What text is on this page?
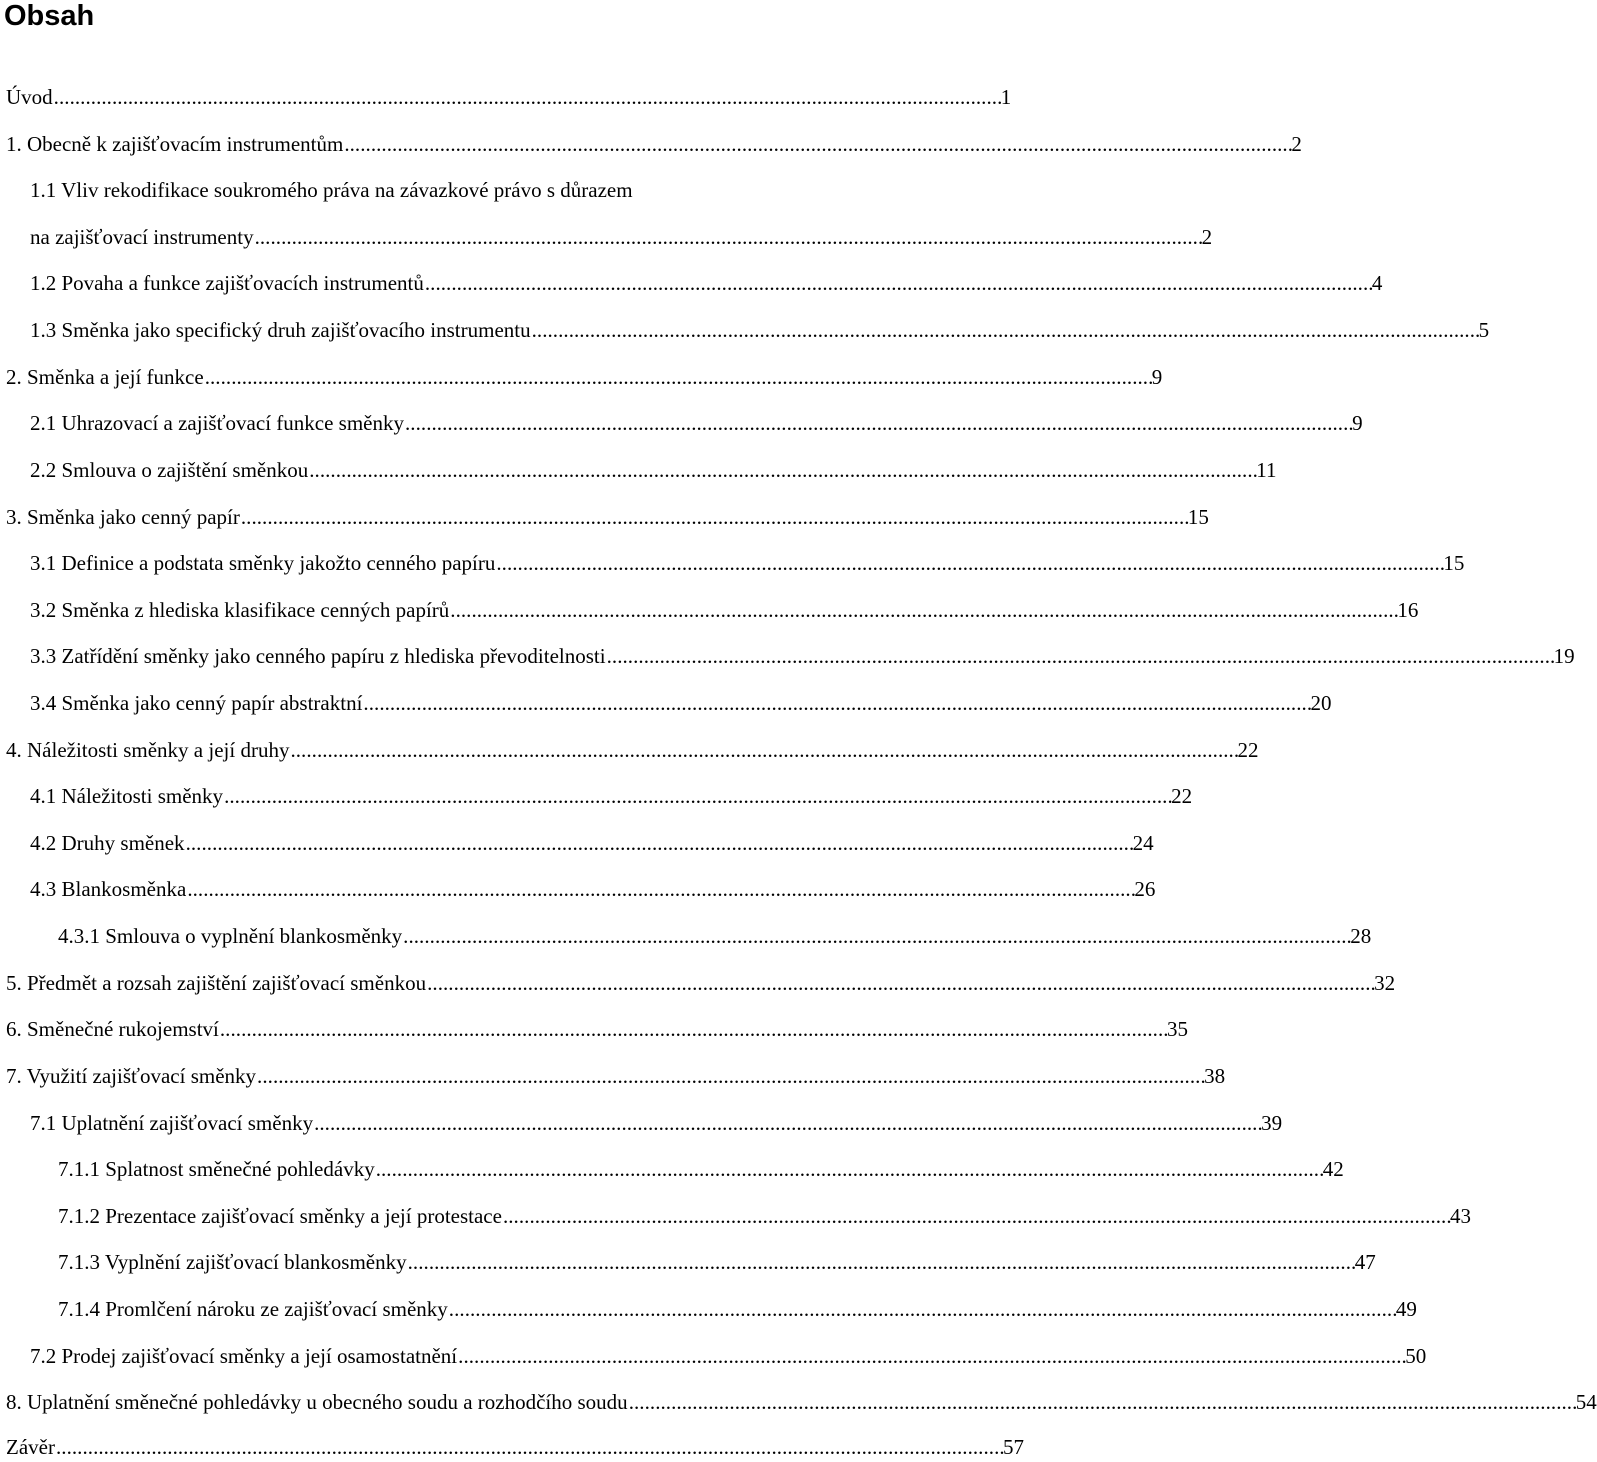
Obsah
Úvod . . .	1
1. Obecně k zajišťovacím instrumentům . . .	2
1.1 Vliv rekodifikace soukromého práva na závazkové právo s důrazem
na zajišťovací instrumenty . . .	2
1.2 Povaha a funkce zajišťovacích instrumentů . . .	4
1.3 Směnka jako specifický druh zajišťovacího instrumentu . . .	5
2. Směnka a její funkce . . .	9
2.1 Uhrazovací a zajišťovací funkce směnky . . .	9
2.2 Smlouva o zajištění směnkou . . .	11
3. Směnka jako cenný papír . . .	15
3.1 Definice a podstata směnky jakožto cenného papíru . . .	15
3.2 Směnka z hlediska klasifikace cenných papírů . . .	16
3.3 Zatřídění směnky jako cenného papíru z hlediska převoditelnosti . . .	19
3.4 Směnka jako cenný papír abstraktní . . .	20
4. Náležitosti směnky a její druhy . . .	22
4.1 Náležitosti směnky . . .	22
4.2 Druhy směnek . . .	24
4.3 Blankosměnka . . .	26
4.3.1 Smlouva o vyplnění blankosměnky . . .	28
5. Předmět a rozsah zajištění zajišťovací směnkou . . .	32
6. Směnečné rukojemství . . .	35
7. Využití zajišťovací směnky . . .	38
7.1 Uplatnění zajišťovací směnky . . .	39
7.1.1 Splatnost směnečné pohledávky . . .	42
7.1.2 Prezentace zajišťovací směnky a její protestace . . .	43
7.1.3 Vyplnění zajišťovací blankosměnky . . .	47
7.1.4 Promlčení nároku ze zajišťovací směnky . . .	49
7.2 Prodej zajišťovací směnky a její osamostatnění . . .	50
8. Uplatnění směnečné pohledávky u obecného soudu a rozhodčího soudu . . .	54
Závěr . . .	57
